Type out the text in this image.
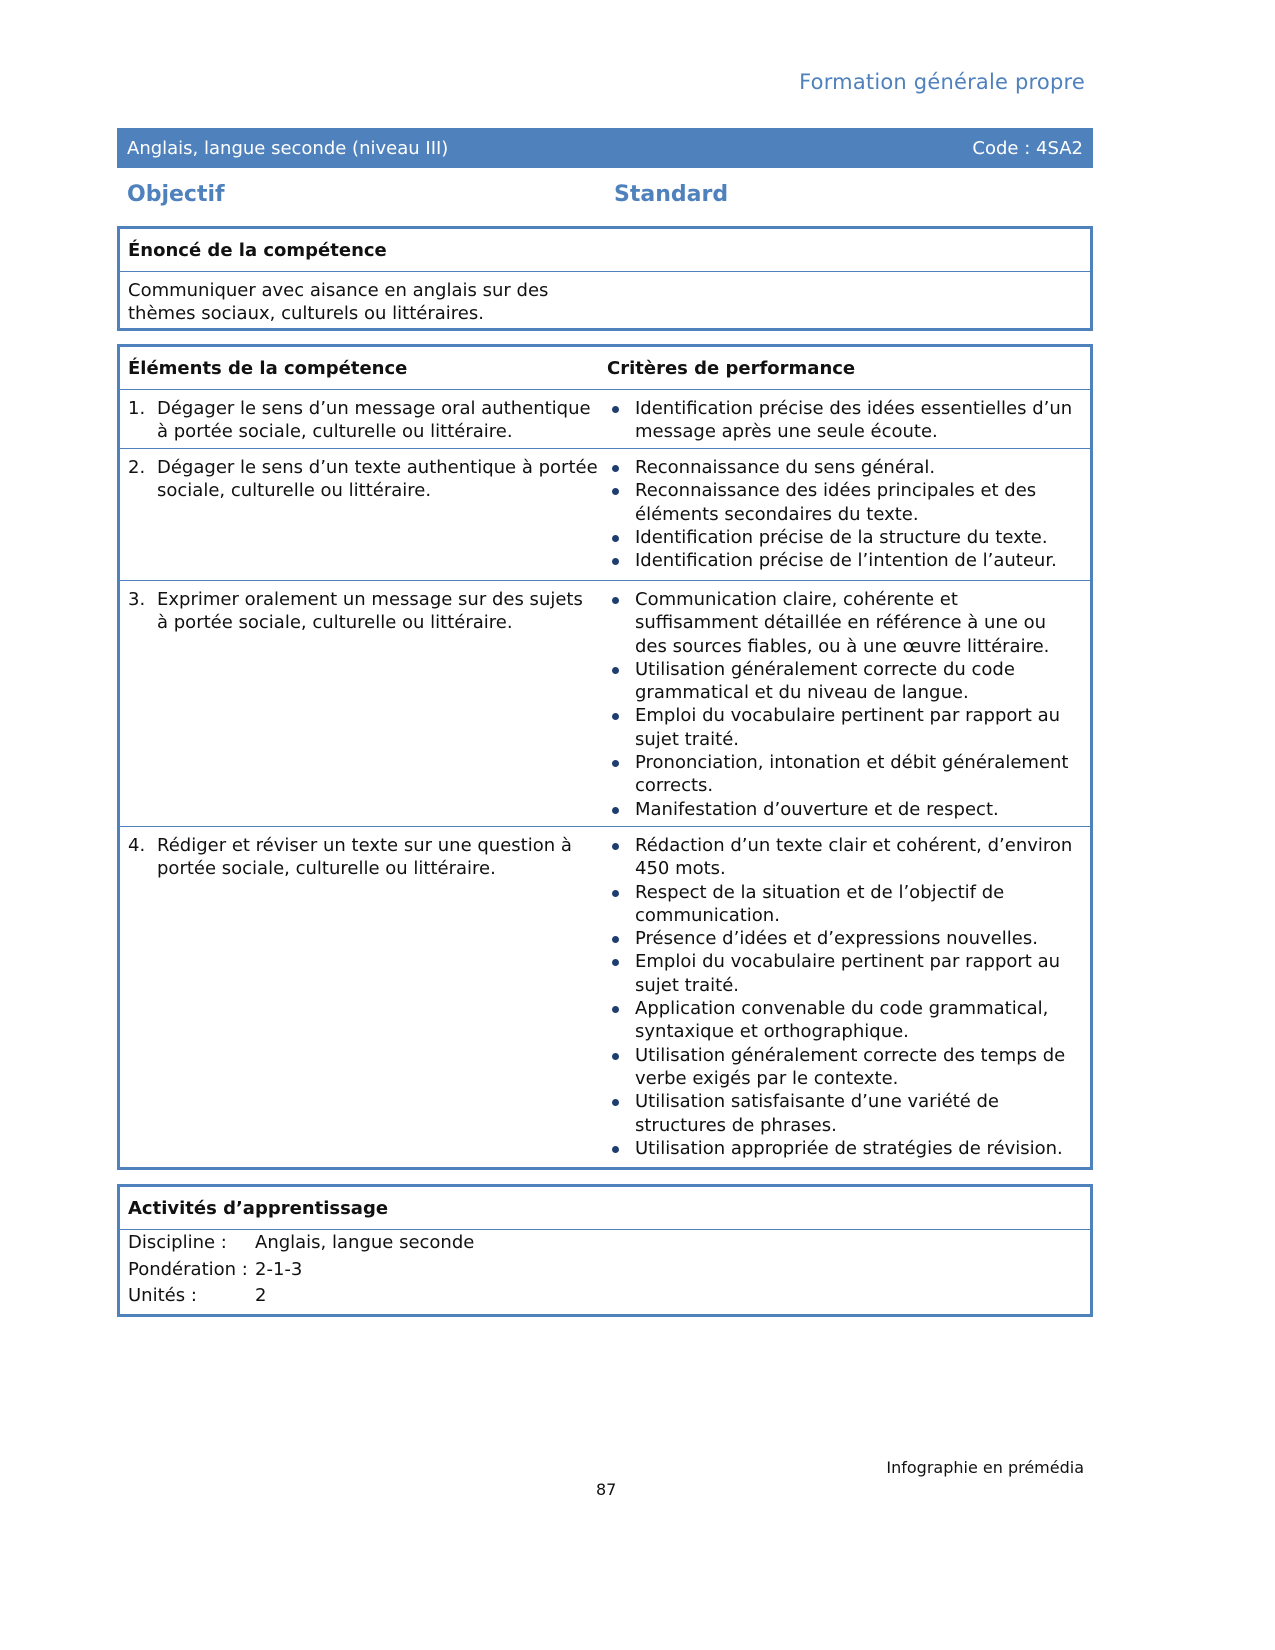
Formation générale propre
Anglais, langue seconde (niveau III)	Code : 4SA2
Objectif	Standard
Énoncé de la compétence
Communiquer avec aisance en anglais sur des
thèmes sociaux, culturels ou littéraires.
Éléments de la compétence	Critères de performance
1. Dégager le sens d’un message oral authentique à portée sociale, culturelle ou littéraire.
Identification précise des idées essentielles d’un message après une seule écoute.
2. Dégager le sens d’un texte authentique à portée sociale, culturelle ou littéraire.
Reconnaissance du sens général.
Reconnaissance des idées principales et des éléments secondaires du texte.
Identification précise de la structure du texte.
Identification précise de l’intention de l’auteur.
3. Exprimer oralement un message sur des sujets à portée sociale, culturelle ou littéraire.
Communication claire, cohérente et suffisamment détaillée en référence à une ou des sources fiables, ou à une œuvre littéraire.
Utilisation généralement correcte du code grammatical et du niveau de langue.
Emploi du vocabulaire pertinent par rapport au sujet traité.
Prononciation, intonation et débit généralement corrects.
Manifestation d’ouverture et de respect.
4. Rédiger et réviser un texte sur une question à portée sociale, culturelle ou littéraire.
Rédaction d’un texte clair et cohérent, d’environ 450 mots.
Respect de la situation et de l’objectif de communication.
Présence d’idées et d’expressions nouvelles.
Emploi du vocabulaire pertinent par rapport au sujet traité.
Application convenable du code grammatical, syntaxique et orthographique.
Utilisation généralement correcte des temps de verbe exigés par le contexte.
Utilisation satisfaisante d’une variété de structures de phrases.
Utilisation appropriée de stratégies de révision.
Activités d’apprentissage
Discipline :	Anglais, langue seconde
Pondération : 2-1-3
Unités :	2
Infographie en prémédia
87
